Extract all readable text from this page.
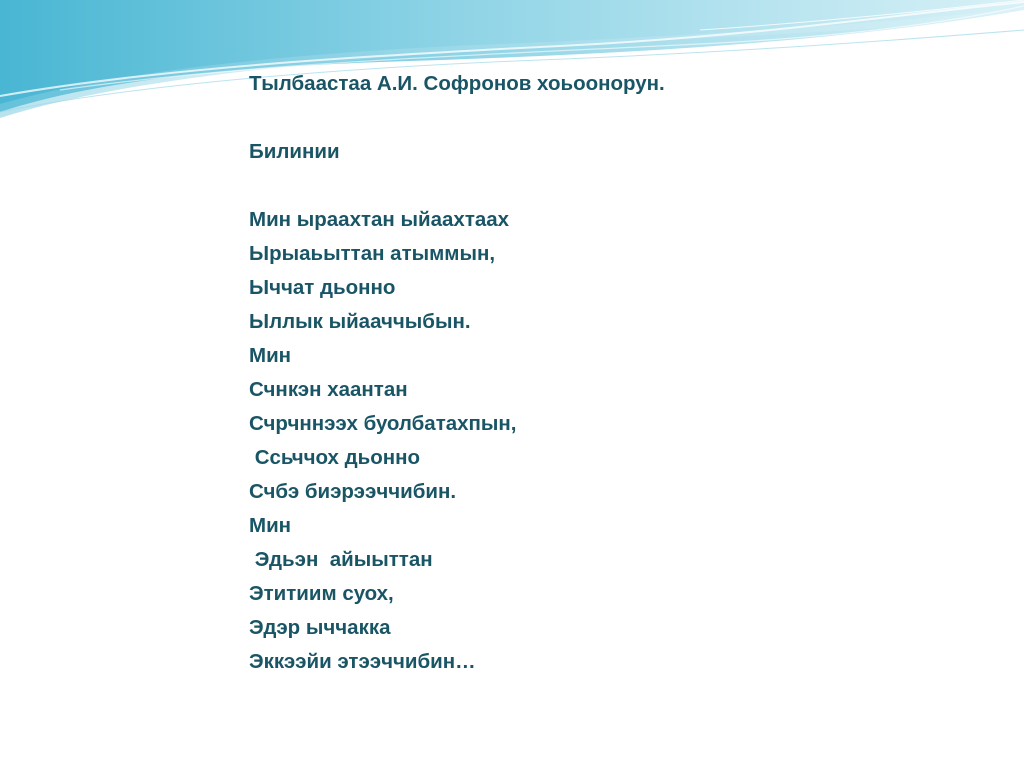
Тылбаастаа А.И. Софронов хоьоонорун.
Билинии
Мин ыраахтан ыйаахтаах
Ырыаьыттан атыммын,
Ыччат дьонно
Ыллык ыйааччыбын.
Мин
Счнкэн хаантан
Счрчннээх буолбатахпын,
Сcьччох дьонно
Счбэ биэрээччибин.
Мин
Эдьэн  айыыттан
Этитиим суох,
Эдэр ыччакка
Эккээйи этээччибин…
